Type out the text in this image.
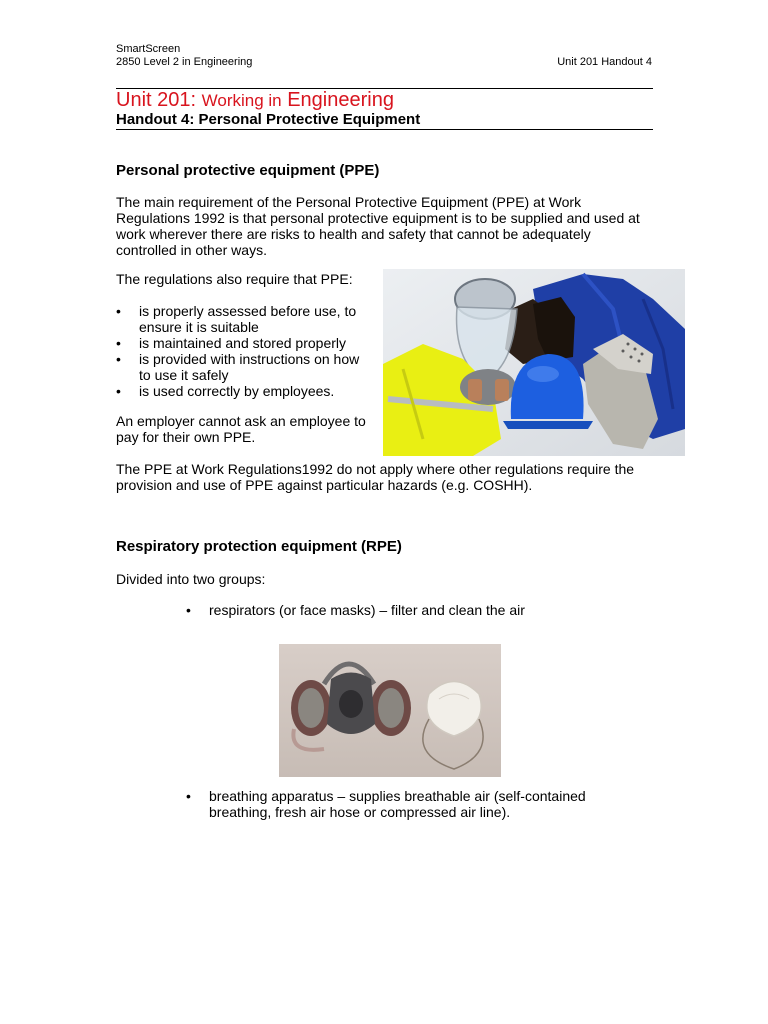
SmartScreen
2850 Level 2 in Engineering	Unit 201 Handout 4
Unit 201: Working in Engineering
Handout 4: Personal Protective Equipment
Personal protective equipment (PPE)
The main requirement of the Personal Protective Equipment (PPE) at Work
Regulations 1992 is that personal protective equipment is to be supplied and used at
work wherever there are risks to health and safety that cannot be adequately
controlled in other ways.
The regulations also require that PPE:
• is properly assessed before use, to
ensure it is suitable
• is maintained and stored properly
• is provided with instructions on how
to use it safely
• is used correctly by employees.
An employer cannot ask an employee to
pay for their own PPE.
The PPE at Work Regulations1992 do not apply where other regulations require the
provision and use of PPE against particular hazards (e.g. COSHH).
Respiratory protection equipment (RPE)
Divided into two groups:
• respirators (or face masks) – filter and clean the air
• breathing apparatus – supplies breathable air (self-contained
breathing, fresh air hose or compressed air line).
